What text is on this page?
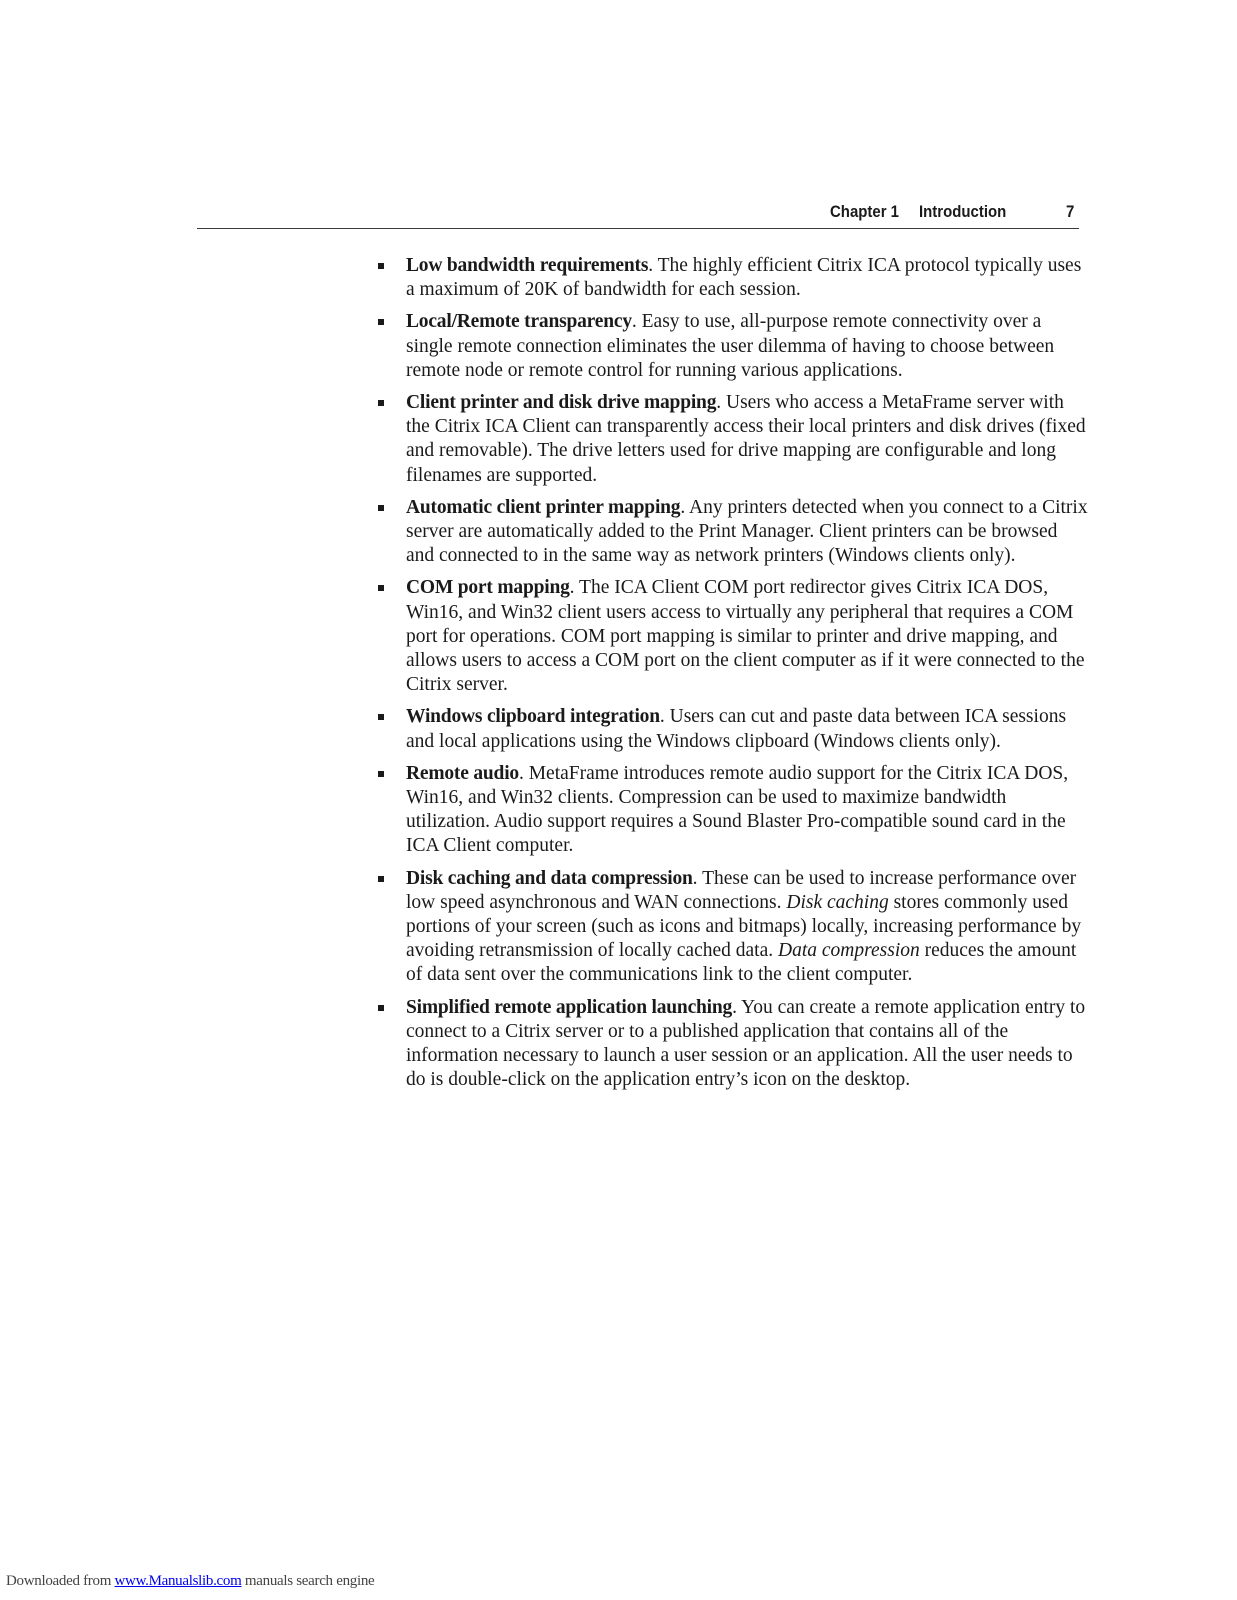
Chapter 1 Introduction	7
Low bandwidth requirements. The highly efficient Citrix ICA protocol typically uses a maximum of 20K of bandwidth for each session.
Local/Remote transparency. Easy to use, all-purpose remote connectivity over a single remote connection eliminates the user dilemma of having to choose between remote node or remote control for running various applications.
Client printer and disk drive mapping. Users who access a MetaFrame server with the Citrix ICA Client can transparently access their local printers and disk drives (fixed and removable). The drive letters used for drive mapping are configurable and long filenames are supported.
Automatic client printer mapping. Any printers detected when you connect to a Citrix server are automatically added to the Print Manager. Client printers can be browsed and connected to in the same way as network printers (Windows clients only).
COM port mapping. The ICA Client COM port redirector gives Citrix ICA DOS, Win16, and Win32 client users access to virtually any peripheral that requires a COM port for operations. COM port mapping is similar to printer and drive mapping, and allows users to access a COM port on the client computer as if it were connected to the Citrix server.
Windows clipboard integration. Users can cut and paste data between ICA sessions and local applications using the Windows clipboard (Windows clients only).
Remote audio. MetaFrame introduces remote audio support for the Citrix ICA DOS, Win16, and Win32 clients. Compression can be used to maximize bandwidth utilization. Audio support requires a Sound Blaster Pro-compatible sound card in the ICA Client computer.
Disk caching and data compression. These can be used to increase performance over low speed asynchronous and WAN connections. Disk caching stores commonly used portions of your screen (such as icons and bitmaps) locally, increasing performance by avoiding retransmission of locally cached data. Data compression reduces the amount of data sent over the communications link to the client computer.
Simplified remote application launching. You can create a remote application entry to connect to a Citrix server or to a published application that contains all of the information necessary to launch a user session or an application. All the user needs to do is double-click on the application entry’s icon on the desktop.
Downloaded from www.Manualslib.com manuals search engine
